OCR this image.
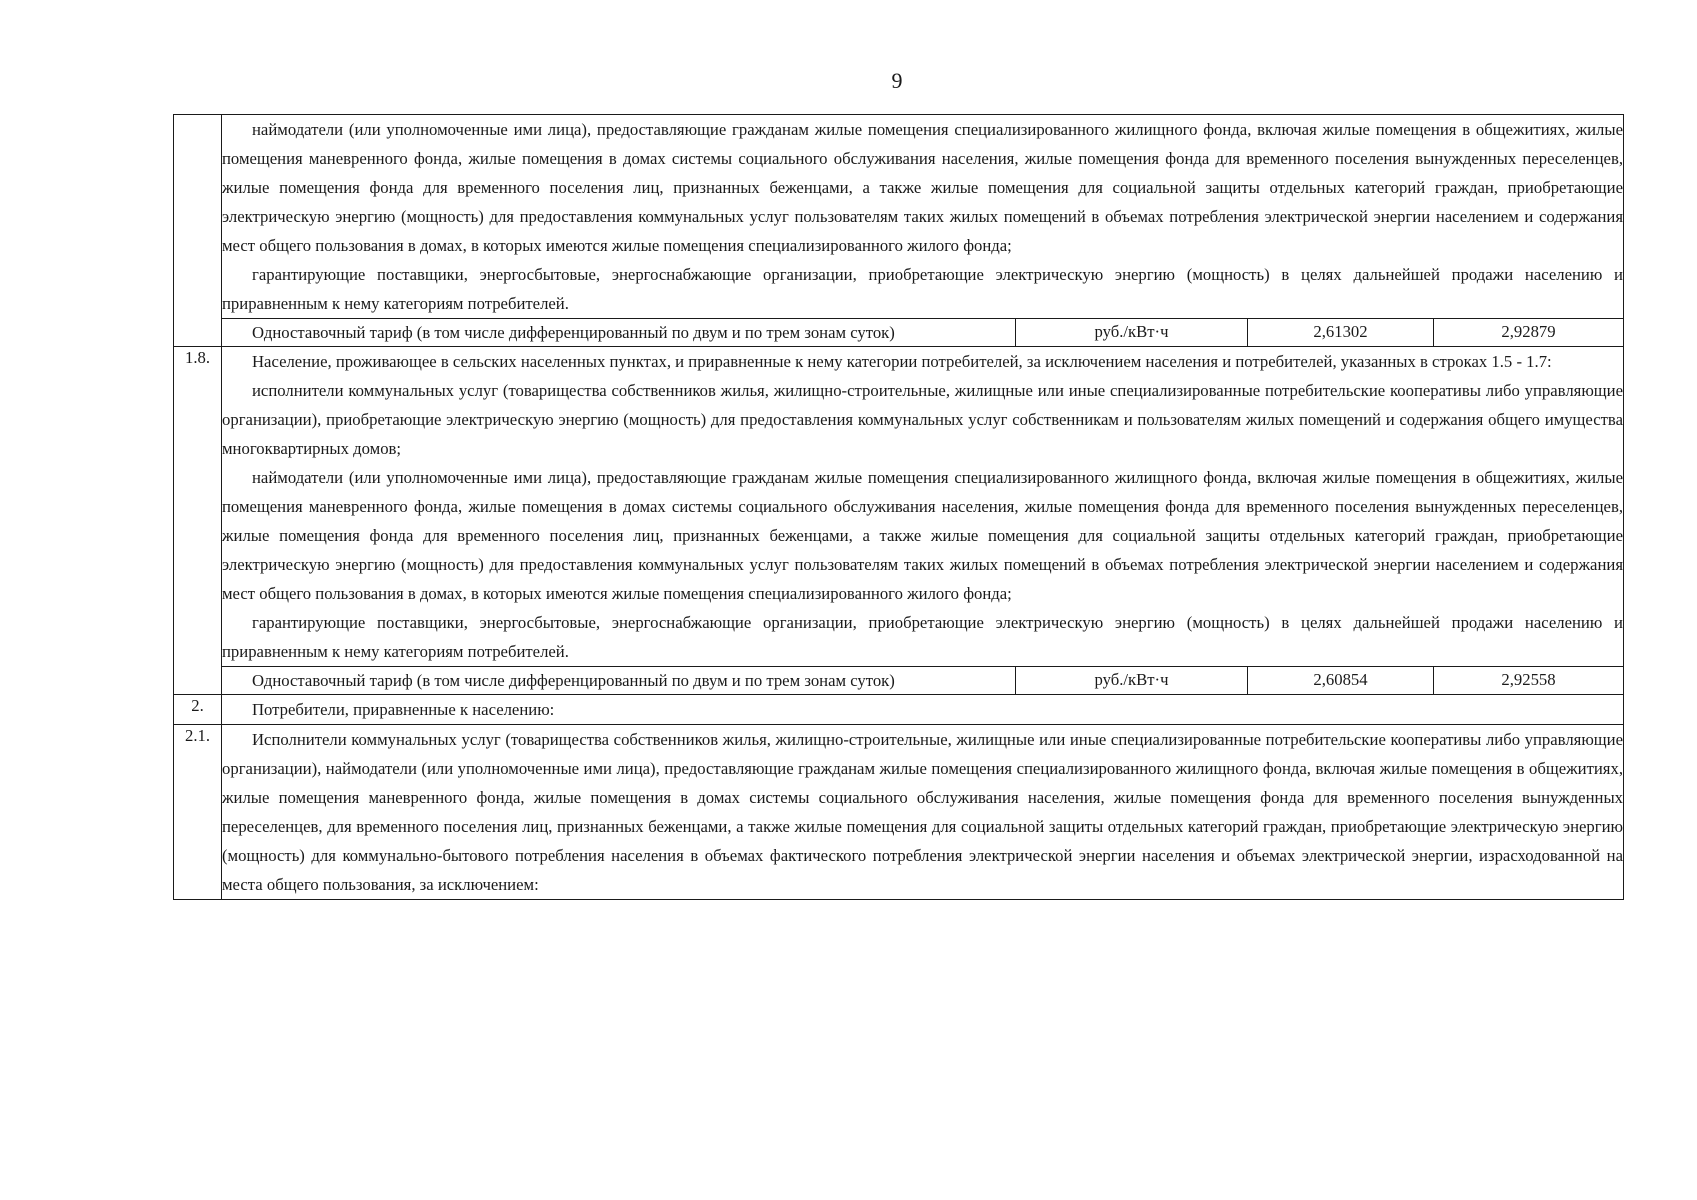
9

	наймодатели (или уполномоченные ими лица), предоставляющие гражданам жилые помещения специализированного жилищного фонда, включая жилые помещения в общежитиях, жилые помещения маневренного фонда, жилые помещения в домах системы социального обслуживания населения, жилые помещения фонда для временного поселения вынужденных переселенцев, жилые помещения фонда для временного поселения лиц, признанных беженцами, а также жилые помещения для социальной защиты отдельных категорий граждан, приобретающие электрическую энергию (мощность) для предоставления коммунальных услуг пользователям таких жилых помещений в объемах потребления электрической энергии населением и содержания мест общего пользования в домах, в которых имеются жилые помещения специализированного жилого фонда;

гарантирующие поставщики, энергосбытовые, энергоснабжающие организации, приобретающие электрическую энергию (мощность) в целях дальнейшей продажи населению и приравненным к нему категориям потребителей.			

	Одноставочный тариф (в том числе дифференцированный по двум и по трем зонам суток)	руб./кВт·ч	2,61302	2,92879
1.8.	Население, проживающее в сельских населенных пунктах, и приравненные к нему категории потребителей, за исключением населения и потребителей, указанных в строках 1.5 - 1.7:

исполнители коммунальных услуг (товарищества собственников жилья, жилищно-строительные, жилищные или иные специализированные потребительские кооперативы либо управляющие организации), приобретающие электрическую энергию (мощность) для предоставления коммунальных услуг собственникам и пользователям жилых помещений и содержания общего имущества многоквартирных домов;

наймодатели (или уполномоченные ими лица), предоставляющие гражданам жилые помещения специализированного жилищного фонда, включая жилые помещения в общежитиях, жилые помещения маневренного фонда, жилые помещения в домах системы социального обслуживания населения, жилые помещения фонда для временного поселения вынужденных переселенцев, жилые помещения фонда для временного поселения лиц, признанных беженцами, а также жилые помещения для социальной защиты отдельных категорий граждан, приобретающие электрическую энергию (мощность) для предоставления коммунальных услуг пользователям таких жилых помещений в объемах потребления электрической энергии населением и содержания мест общего пользования в домах, в которых имеются жилые помещения специализированного жилого фонда;

гарантирующие поставщики, энергосбытовые, энергоснабжающие организации, приобретающие электрическую энергию (мощность) в целях дальнейшей продажи населению и приравненным к нему категориям потребителей.			

	Одноставочный тариф (в том числе дифференцированный по двум и по трем зонам суток)	руб./кВт·ч	2,60854	2,92558
2.	Потребители, приравненные к населению:			

2.1.	Исполнители коммунальных услуг (товарищества собственников жилья, жилищно-строительные, жилищные или иные специализированные потребительские кооперативы либо управляющие организации), наймодатели (или уполномоченные ими лица), предоставляющие гражданам жилые помещения специализированного жилищного фонда, включая жилые помещения в общежитиях, жилые помещения маневренного фонда, жилые помещения в домах системы социального обслуживания населения, жилые помещения фонда для временного поселения вынужденных переселенцев, для временного поселения лиц, признанных беженцами, а также жилые помещения для социальной защиты отдельных категорий граждан, приобретающие электрическую энергию (мощность) для коммунально-бытового потребления населения в объемах фактического потребления электрической энергии населения и объемах электрической энергии, израсходованной на места общего пользования, за исключением:			
